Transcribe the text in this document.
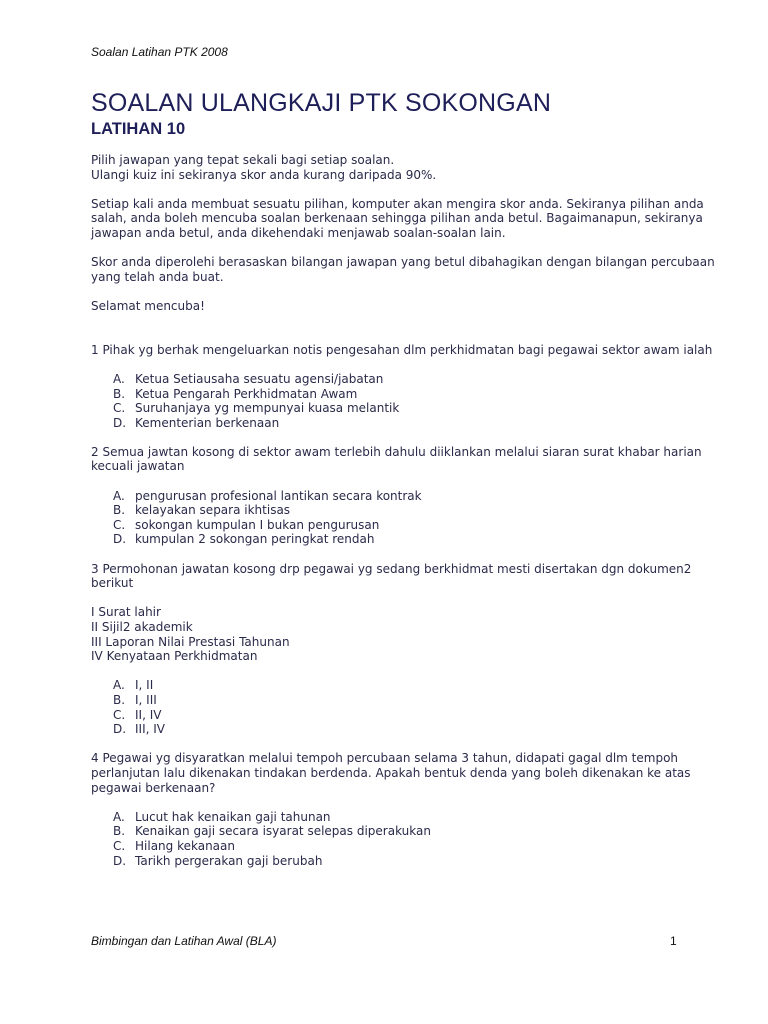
Soalan Latihan PTK 2008
SOALAN ULANGKAJI PTK SOKONGAN
LATIHAN 10
Pilih jawapan yang tepat sekali bagi setiap soalan.
Ulangi kuiz ini sekiranya skor anda kurang daripada 90%.
Setiap kali anda membuat sesuatu pilihan, komputer akan mengira skor anda. Sekiranya pilihan anda
salah, anda boleh mencuba soalan berkenaan sehingga pilihan anda betul. Bagaimanapun, sekiranya
jawapan anda betul, anda dikehendaki menjawab soalan-soalan lain.
Skor anda diperolehi berasaskan bilangan jawapan yang betul dibahagikan dengan bilangan percubaan
yang telah anda buat.
Selamat mencuba!
1 Pihak yg berhak mengeluarkan notis pengesahan dlm perkhidmatan bagi pegawai sektor awam ialah
A. Ketua Setiausaha sesuatu agensi/jabatan
B. Ketua Pengarah Perkhidmatan Awam
C. Suruhanjaya yg mempunyai kuasa melantik
D. Kementerian berkenaan
2 Semua jawtan kosong di sektor awam terlebih dahulu diiklankan melalui siaran surat khabar harian
kecuali jawatan
A. pengurusan profesional lantikan secara kontrak
B. kelayakan separa ikhtisas
C. sokongan kumpulan I bukan pengurusan
D. kumpulan 2 sokongan peringkat rendah
3 Permohonan jawatan kosong drp pegawai yg sedang berkhidmat mesti disertakan dgn dokumen2
berikut
I Surat lahir
II Sijil2 akademik
III Laporan Nilai Prestasi Tahunan
IV Kenyataan Perkhidmatan
A. I, II
B. I, III
C. II, IV
D. III, IV
4 Pegawai yg disyaratkan melalui tempoh percubaan selama 3 tahun, didapati gagal dlm tempoh
perlanjutan lalu dikenakan tindakan berdenda. Apakah bentuk denda yang boleh dikenakan ke atas
pegawai berkenaan?
A. Lucut hak kenaikan gaji tahunan
B. Kenaikan gaji secara isyarat selepas diperakukan
C. Hilang kekanaan
D. Tarikh pergerakan gaji berubah
Bimbingan dan Latihan Awal (BLA)	1
